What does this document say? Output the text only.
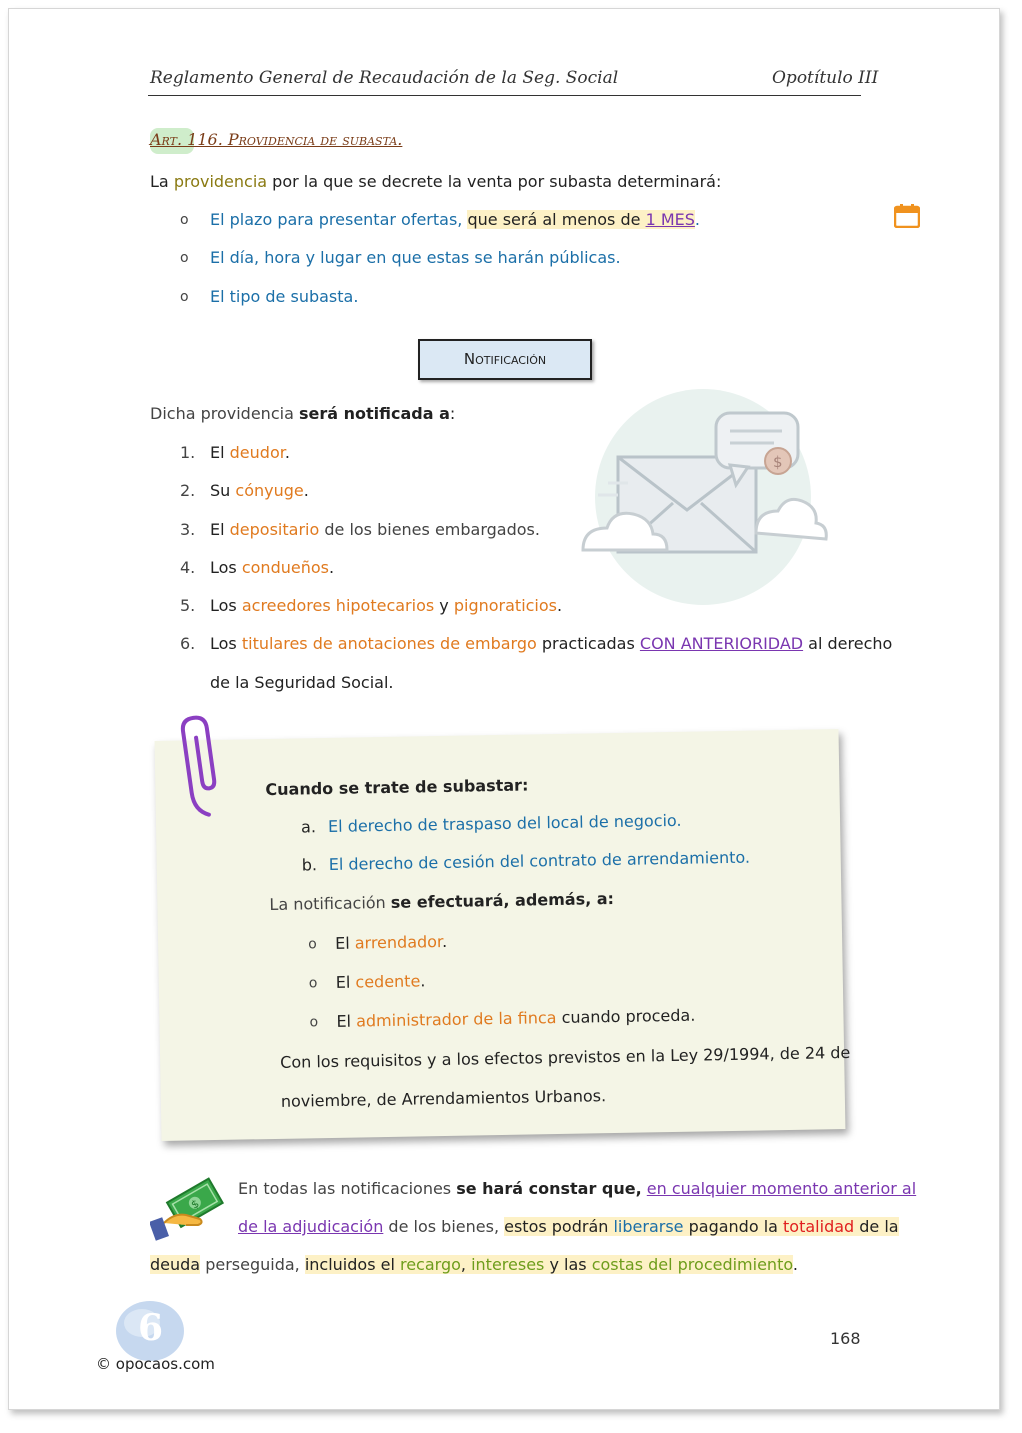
Reglamento General de Recaudación de la Seg. Social	Opotítulo III
Art. 116. Providencia de subasta.
La providencia por la que se decrete la venta por subasta determinará:
o El plazo para presentar ofertas, que será al menos de 1 MES.
o El día, hora y lugar en que estas se harán públicas.
o El tipo de subasta.
Notificación
$
Dicha providencia será notificada a:
1. El deudor.
2. Su cónyuge.
3. El depositario de los bienes embargados.
4. Los condueños.
5. Los acreedores hipotecarios y pignoraticios.
6. Los titulares de anotaciones de embargo practicadas CON ANTERIORIDAD al derecho
de la Seguridad Social.
Cuando se trate de subastar:
a. El derecho de traspaso del local de negocio.
b. El derecho de cesión del contrato de arrendamiento.
La notificación se efectuará, además, a:
o El arrendador.
o El cedente.
o El administrador de la finca cuando proceda.
Con los requisitos y a los efectos previstos en la Ley 29/1994, de 24 de
noviembre, de Arrendamientos Urbanos.
$
En todas las notificaciones se hará constar que, en cualquier momento anterior al
de la adjudicación de los bienes, estos podrán liberarse pagando la totalidad de la
deuda perseguida, incluidos el recargo, intereses y las costas del procedimiento.
6
© opocaos.com
168
